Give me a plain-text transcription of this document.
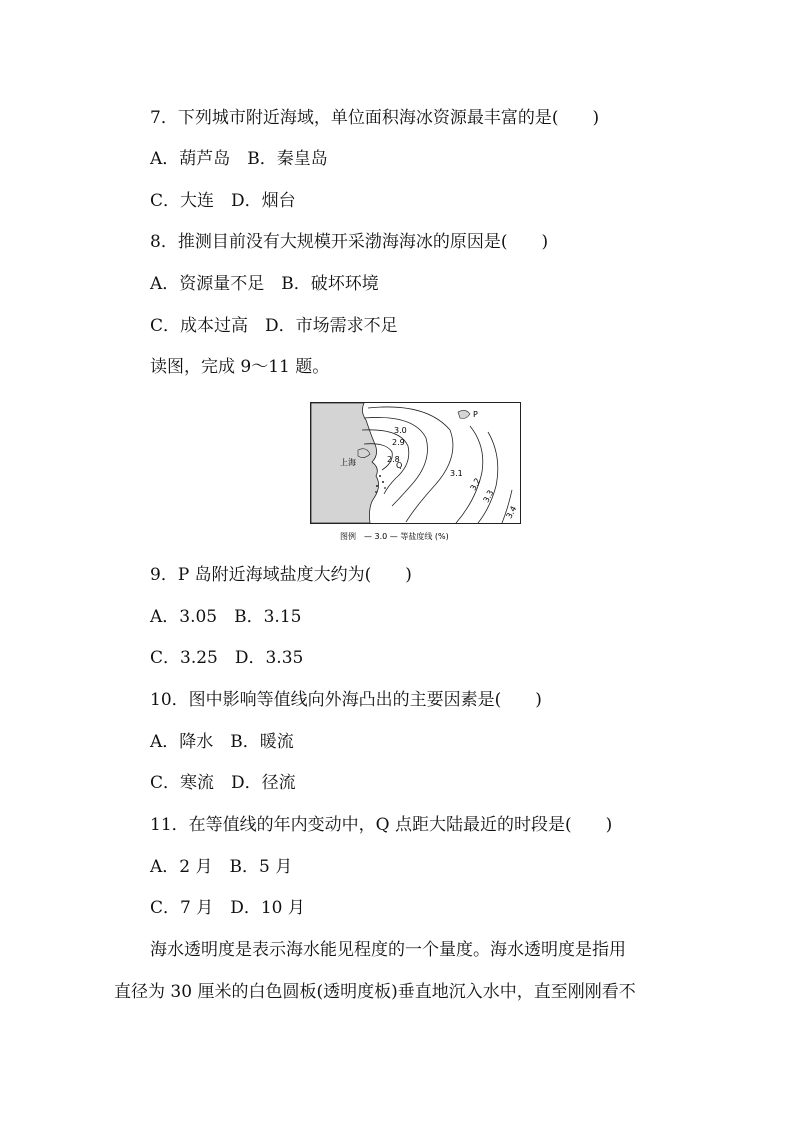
7．下列城市附近海域，单位面积海冰资源最丰富的是(　　)
A．葫芦岛　B．秦皇岛
C．大连　D．烟台
8．推测目前没有大规模开采渤海海冰的原因是(　　)
A．资源量不足　B．破坏环境
C．成本过高　D．市场需求不足
读图，完成 9～11 题。
2.8
2.9
3.0
3.1
3.2
3.3
3.4
上海
P
Q
图例　— 3.0 — 等盐度线 (%)
9．P 岛附近海域盐度大约为(　　)
A．3.05　B．3.15
C．3.25　D．3.35
10．图中影响等值线向外海凸出的主要因素是(　　)
A．降水　B．暖流
C．寒流　D．径流
11．在等值线的年内变动中，Q 点距大陆最近的时段是(　　)
A．2 月　B．5 月
C．7 月　D．10 月
海水透明度是表示海水能见程度的一个量度。海水透明度是指用
直径为 30 厘米的白色圆板(透明度板)垂直地沉入水中，直至刚刚看不
